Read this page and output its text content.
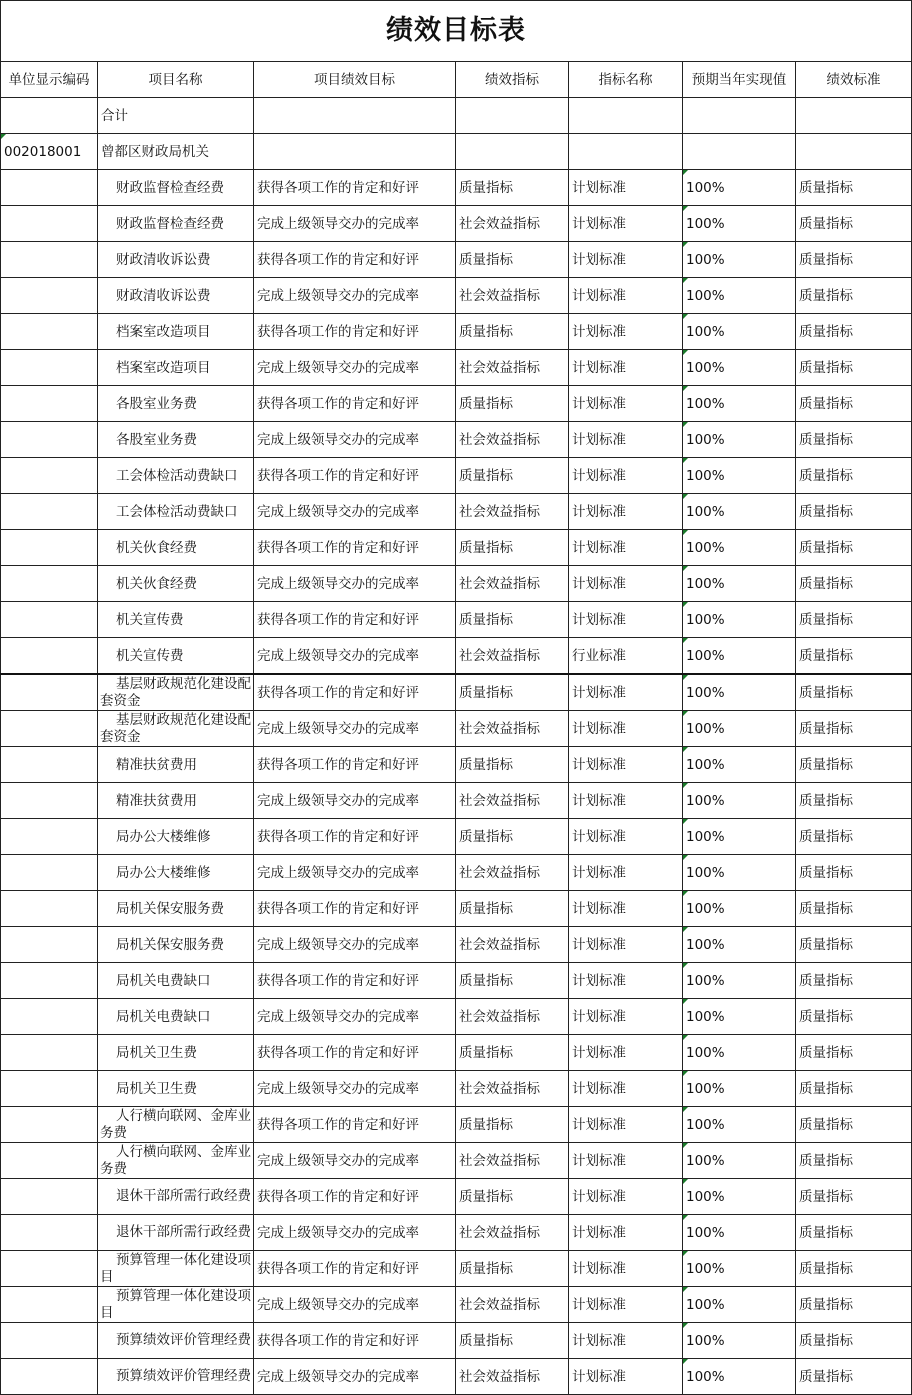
绩效目标表						
单位显示编码	项目名称	项目绩效目标	绩效指标	指标名称	预期当年实现值	绩效标准
	合计					
002018001	曾都区财政局机关					
	财政监督检查经费	获得各项工作的肯定和好评	质量指标	计划标准	100%	质量指标
	财政监督检查经费	完成上级领导交办的完成率	社会效益指标	计划标准	100%	质量指标
	财政清收诉讼费	获得各项工作的肯定和好评	质量指标	计划标准	100%	质量指标
	财政清收诉讼费	完成上级领导交办的完成率	社会效益指标	计划标准	100%	质量指标
	档案室改造项目	获得各项工作的肯定和好评	质量指标	计划标准	100%	质量指标
	档案室改造项目	完成上级领导交办的完成率	社会效益指标	计划标准	100%	质量指标
	各股室业务费	获得各项工作的肯定和好评	质量指标	计划标准	100%	质量指标
	各股室业务费	完成上级领导交办的完成率	社会效益指标	计划标准	100%	质量指标
	工会体检活动费缺口	获得各项工作的肯定和好评	质量指标	计划标准	100%	质量指标
	工会体检活动费缺口	完成上级领导交办的完成率	社会效益指标	计划标准	100%	质量指标
	机关伙食经费	获得各项工作的肯定和好评	质量指标	计划标准	100%	质量指标
	机关伙食经费	完成上级领导交办的完成率	社会效益指标	计划标准	100%	质量指标
	机关宣传费	获得各项工作的肯定和好评	质量指标	计划标准	100%	质量指标
	机关宣传费	完成上级领导交办的完成率	社会效益指标	行业标准	100%	质量指标
	基层财政规范化建设配套资金	获得各项工作的肯定和好评	质量指标	计划标准	100%	质量指标
	基层财政规范化建设配套资金	完成上级领导交办的完成率	社会效益指标	计划标准	100%	质量指标
	精准扶贫费用	获得各项工作的肯定和好评	质量指标	计划标准	100%	质量指标
	精准扶贫费用	完成上级领导交办的完成率	社会效益指标	计划标准	100%	质量指标
	局办公大楼维修	获得各项工作的肯定和好评	质量指标	计划标准	100%	质量指标
	局办公大楼维修	完成上级领导交办的完成率	社会效益指标	计划标准	100%	质量指标
	局机关保安服务费	获得各项工作的肯定和好评	质量指标	计划标准	100%	质量指标
	局机关保安服务费	完成上级领导交办的完成率	社会效益指标	计划标准	100%	质量指标
	局机关电费缺口	获得各项工作的肯定和好评	质量指标	计划标准	100%	质量指标
	局机关电费缺口	完成上级领导交办的完成率	社会效益指标	计划标准	100%	质量指标
	局机关卫生费	获得各项工作的肯定和好评	质量指标	计划标准	100%	质量指标
	局机关卫生费	完成上级领导交办的完成率	社会效益指标	计划标准	100%	质量指标
	人行横向联网、金库业务费	获得各项工作的肯定和好评	质量指标	计划标准	100%	质量指标
	人行横向联网、金库业务费	完成上级领导交办的完成率	社会效益指标	计划标准	100%	质量指标
	退休干部所需行政经费	获得各项工作的肯定和好评	质量指标	计划标准	100%	质量指标
	退休干部所需行政经费	完成上级领导交办的完成率	社会效益指标	计划标准	100%	质量指标
	预算管理一体化建设项目	获得各项工作的肯定和好评	质量指标	计划标准	100%	质量指标
	预算管理一体化建设项目	完成上级领导交办的完成率	社会效益指标	计划标准	100%	质量指标
	预算绩效评价管理经费	获得各项工作的肯定和好评	质量指标	计划标准	100%	质量指标
	预算绩效评价管理经费	完成上级领导交办的完成率	社会效益指标	计划标准	100%	质量指标
